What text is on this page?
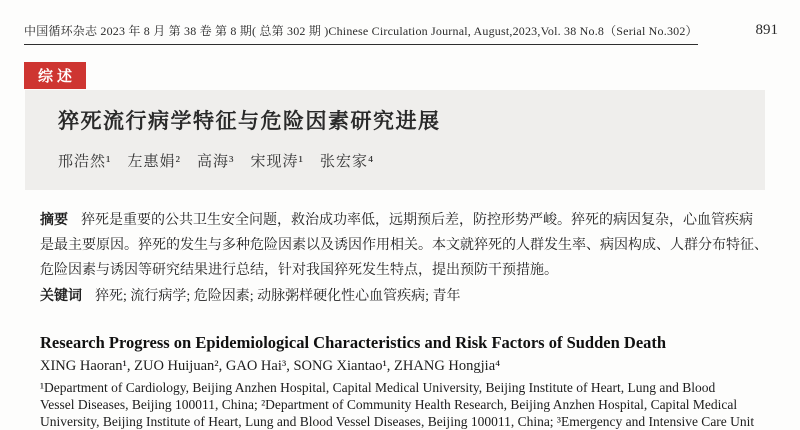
中国循环杂志 2023 年 8 月 第 38 卷 第 8 期( 总第 302 期 )Chinese Circulation Journal, August,2023,Vol. 38 No.8（Serial No.302）	891
综述
猝死流行病学特征与危险因素研究进展
邢浩然¹　左惠娟²　高海³　宋现涛¹　张宏家⁴
摘要 猝死是重要的公共卫生安全问题，救治成功率低，远期预后差，防控形势严峻。猝死的病因复杂，心血管疾病
是最主要原因。猝死的发生与多种危险因素以及诱因作用相关。本文就猝死的人群发生率、病因构成、人群分布特征、
危险因素与诱因等研究结果进行总结，针对我国猝死发生特点，提出预防干预措施。
关键词 猝死; 流行病学; 危险因素; 动脉粥样硬化性心血管疾病; 青年
Research Progress on Epidemiological Characteristics and Risk Factors of Sudden Death
XING Haoran¹, ZUO Huijuan², GAO Hai³, SONG Xiantao¹, ZHANG Hongjia⁴
¹Department of Cardiology, Beijing Anzhen Hospital, Capital Medical University, Beijing Institute of Heart, Lung and Blood
Vessel Diseases, Beijing 100011, China; ²Department of Community Health Research, Beijing Anzhen Hospital, Capital Medical
University, Beijing Institute of Heart, Lung and Blood Vessel Diseases, Beijing 100011, China; ³Emergency and Intensive Care Unit
